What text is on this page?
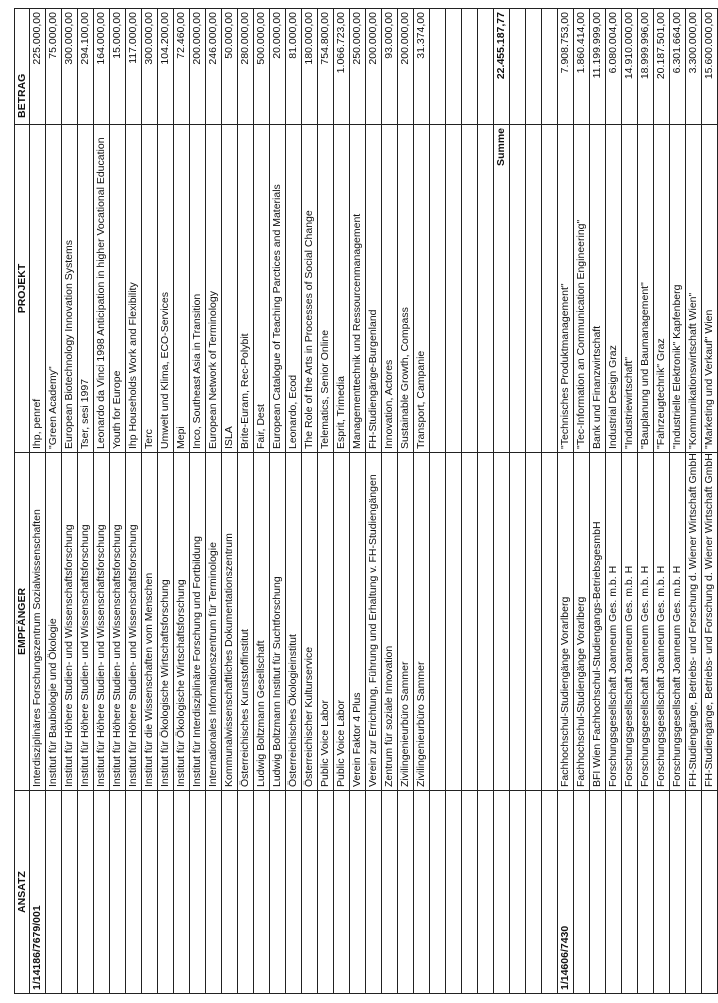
ANSATZ	EMPFÄNGER	PROJEKT	BETRAG
1/14186/7679/001	Interdisziplinäres Forschungszentrum Sozialwissenschaften	Ihp, penref	225.000,00
	Institut für Baubiologie und Ökologie	"Green Academy"	75.000,00
	Institut für Höhere Studien- und Wissenschaftsforschung	European Biotechnology Innovation Systems	300.000,00
	Institut für Höhere Studien- und Wissenschaftsforschung	Tser, sesi 1997	294.100,00
	Institut für Höhere Studien- und Wissenschaftsforschung	Leonardo da Vinci 1998 Anticipation in higher Vocational Education	164.000,00
	Institut für Höhere Studien- und Wissenschaftsforschung	Youth for Europe	15.000,00
	Institut für Höhere Studien- und Wissenschaftsforschung	Ihp Households Work and Flexibility	117.000,00
	Institut für die Wissenschaften vom Menschen	Terc	300.000,00
	Institut für Ökologische Wirtschaftsforschung	Umwelt und Klima, ECO-Services	104.200,00
	Institut für Ökologische Wirtschaftsforschung	Mepi	72.460,00
	Institut für Interdisziplinäre Forschung und Fortbildung	Inco, Southeast Asia in Transition	200.000,00
	Internationales Informationszentrum für Terminologie	European Network of Terminology	246.000,00
	Kommunalwissenschaftliches Dokumentationszentrum	ISLA	50.000,00
	Österreichisches Kunststoffinstitut	Brite-Euram, Rec-Polybit	280.000,00
	Ludwig Boltzmann Gesellschaft	Fair, Dest	500.000,00
	Ludwig Boltzmann Institut für Suchtforschung	European Catalogue of Teaching Parctices and Materials	20.000,00
	Österreichisches Ökologieinstitut	Leonardo, Ecod	81.000,00
	Österreichischer Kulturservice	The Role of the Arts in Processes of Social Change	180.000,00
	Public Voice Labor	Telematics, Senior Online	754.800,00
	Public Voice Labor	Esprit, Trimedia	1.066.723,00
	Verein Faktor 4 Plus	Managementtechnik und Ressourcenmanagement	250.000,00
	Verein zur Errichtung, Führung und Erhaltung v. FH-Studiengängen	FH-Studiengänge-Burgenland	200.000,00
	Zentrum für soziale Innovation	Innovation, Actores	93.000,00
	Zivilingenieurbüro Sammer	Sustainable Growth, Compass	200.000,00
	Zivilingenieurbüro Sammer	Transport, Campanie	31.374,00

		Summe	22.455.187,77

1/14606/7430	Fachhochschul-Studiengänge Vorarlberg	"Technisches Produktmanagement"	7.908.753,00
	Fachhochschul-Studiengänge Vorarlberg	"Tec-Information an Communication Engineering"	1.860.414,00
	BFI Wien Fachhochschul-Studiengangs-BetriebsgesmbH	Bank und Finanzwirtschaft	11.199.999,00
	Forschungsgesellschaft Joanneum Ges. m.b. H	Industrial Design Graz	6.080.004,00
	Forschungsgesellschaft Joanneum Ges. m.b. H	"Industriewirtschaft"	14.910.000,00
	Forschungsgesellschaft Joanneum Ges. m.b. H	"Bauplanung und Baumanagement"	18.999.996,00
	Forschungsgesellschaft Joanneum Ges. m.b. H	"Fahrzeugtechnik" Graz	20.187.501,00
	Forschungsgesellschaft Joanneum Ges. m.b. H	"Industrielle Elektronik" Kapfenberg	6.301.664,00
	FH-Studiengänge, Betriebs- und Forschung d. Wiener Wirtschaft GmbH	"Kommunikationswirtschaft Wien"	3.300.000,00
	FH-Studiengänge, Betriebs- und Forschung d. Wiener Wirtschaft GmbH	"Marketing und Verkauf" Wien	15.600.000,00
